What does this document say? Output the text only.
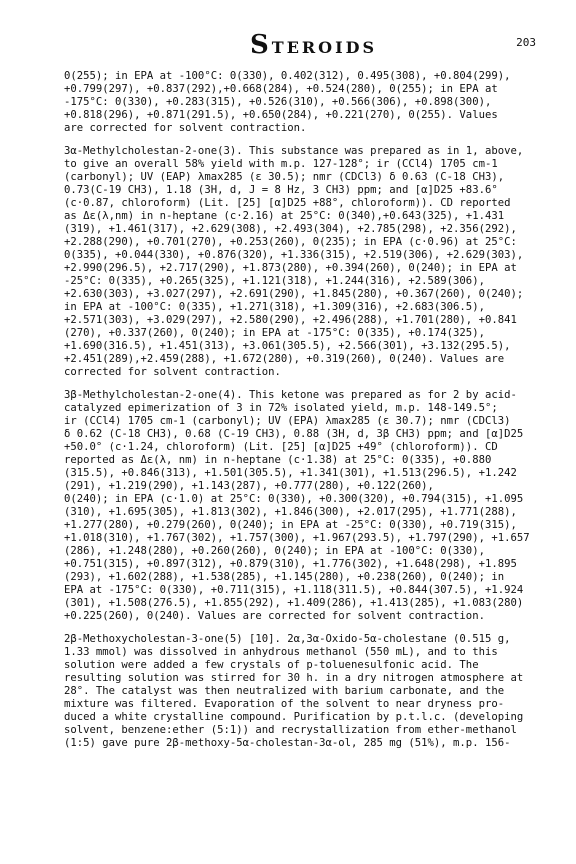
STEROIDS	203
0(255); in EPA at -100°C: 0(330), 0.402(312), 0.495(308), +0.804(299),
+0.799(297), +0.837(292),+0.668(284), +0.524(280), 0(255); in EPA at
-175°C: 0(330), +0.283(315), +0.526(310), +0.566(306), +0.898(300),
+0.818(296), +0.871(291.5), +0.650(284), +0.221(270), 0(255). Values
are corrected for solvent contraction.
3α-Methylcholestan-2-one(3). This substance was prepared as in 1, above,
to give an overall 58% yield with m.p. 127-128°; ir (CCl4) 1705 cm-1
(carbonyl); UV (EAP) λmax285 (ε 30.5); nmr (CDCl3) δ 0.63 (C-18 CH3),
0.73(C-19 CH3), 1.18 (3H, d, J = 8 Hz, 3 CH3) ppm; and [α]D25 +83.6°
(c·0.87, chloroform) (Lit. [25] [α]D25 +88°, chloroform)). CD reported
as Δε(λ,nm) in n-heptane (c·2.16) at 25°C: 0(340),+0.643(325), +1.431
(319), +1.461(317), +2.629(308), +2.493(304), +2.785(298), +2.356(292),
+2.288(290), +0.701(270), +0.253(260), 0(235); in EPA (c·0.96) at 25°C:
0(335), +0.044(330), +0.876(320), +1.336(315), +2.519(306), +2.629(303),
+2.990(296.5), +2.717(290), +1.873(280), +0.394(260), 0(240); in EPA at
-25°C: 0(335), +0.265(325), +1.121(318), +1.244(316), +2.589(306),
+2.630(303), +3.027(297), +2.691(290), +1.845(280), +0.367(260), 0(240);
in EPA at -100°C: 0(335), +1.271(318), +1.309(316), +2.683(306.5),
+2.571(303), +3.029(297), +2.580(290), +2.496(288), +1.701(280), +0.841
(270), +0.337(260), 0(240); in EPA at -175°C: 0(335), +0.174(325),
+1.690(316.5), +1.451(313), +3.061(305.5), +2.566(301), +3.132(295.5),
+2.451(289),+2.459(288), +1.672(280), +0.319(260), 0(240). Values are
corrected for solvent contraction.
3β-Methylcholestan-2-one(4). This ketone was prepared as for 2 by acid-
catalyzed epimerization of 3 in 72% isolated yield, m.p. 148-149.5°;
ir (CCl4) 1705 cm-1 (carbonyl); UV (EPA) λmax285 (ε 30.7); nmr (CDCl3)
δ 0.62 (C-18 CH3), 0.68 (C-19 CH3), 0.88 (3H, d, 3β CH3) ppm; and [α]D25
+50.0° (c·1.24, chloroform) (Lit. [25] [α]D25 +49° (chloroform)). CD
reported as Δε(λ, nm) in n-heptane (c·1.38) at 25°C: 0(335), +0.880
(315.5), +0.846(313), +1.501(305.5), +1.341(301), +1.513(296.5), +1.242
(291), +1.219(290), +1.143(287), +0.777(280), +0.122(260),
0(240); in EPA (c·1.0) at 25°C: 0(330), +0.300(320), +0.794(315), +1.095
(310), +1.695(305), +1.813(302), +1.846(300), +2.017(295), +1.771(288),
+1.277(280), +0.279(260), 0(240); in EPA at -25°C: 0(330), +0.719(315),
+1.018(310), +1.767(302), +1.757(300), +1.967(293.5), +1.797(290), +1.657
(286), +1.248(280), +0.260(260), 0(240); in EPA at -100°C: 0(330),
+0.751(315), +0.897(312), +0.879(310), +1.776(302), +1.648(298), +1.895
(293), +1.602(288), +1.538(285), +1.145(280), +0.238(260), 0(240); in
EPA at -175°C: 0(330), +0.711(315), +1.118(311.5), +0.844(307.5), +1.924
(301), +1.508(276.5), +1.855(292), +1.409(286), +1.413(285), +1.083(280)
+0.225(260), 0(240). Values are corrected for solvent contraction.
2β-Methoxycholestan-3-one(5) [10]. 2α,3α-Oxido-5α-cholestane (0.515 g,
1.33 mmol) was dissolved in anhydrous methanol (550 mL), and to this
solution were added a few crystals of p-toluenesulfonic acid. The
resulting solution was stirred for 30 h. in a dry nitrogen atmosphere at
28°. The catalyst was then neutralized with barium carbonate, and the
mixture was filtered. Evaporation of the solvent to near dryness pro-
duced a white crystalline compound. Purification by p.t.l.c. (developing
solvent, benzene:ether (5:1)) and recrystallization from ether-methanol
(1:5) gave pure 2β-methoxy-5α-cholestan-3α-ol, 285 mg (51%), m.p. 156-
